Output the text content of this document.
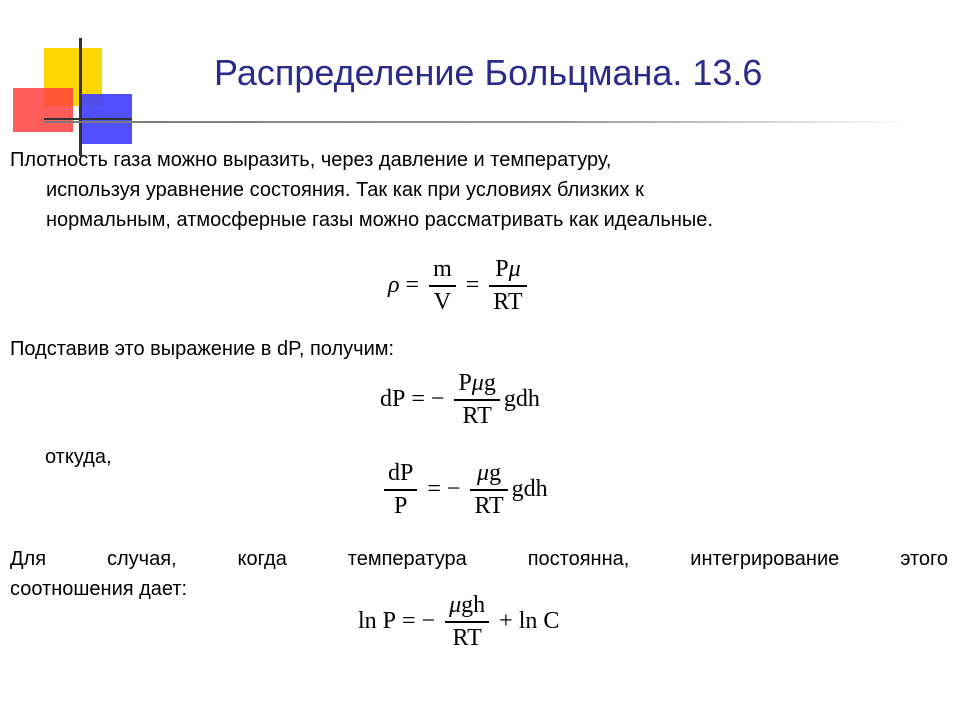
Распределение Больцмана. 13.6
Плотность газа можно выразить, через давление и температуру,
используя уравнение состояния. Так как при условиях близких к
нормальным, атмосферные газы можно рассматривать как идеальные.
$\rho = \frac{m}{V} = \frac{P\mu}{RT}$
Подставив это выражение в dP, получим:
dP = − $\frac{\text{Pμg}}{RT}$ gdh
откуда,
$\frac{dP}{P}$ = − $\frac{\mu g}{RT}$ gdh
Для случая, когда температура постоянна, интегрирование этого
соотношения дает:
ln P = − $\frac{\text{μgh}}{RT} + \ln C$
